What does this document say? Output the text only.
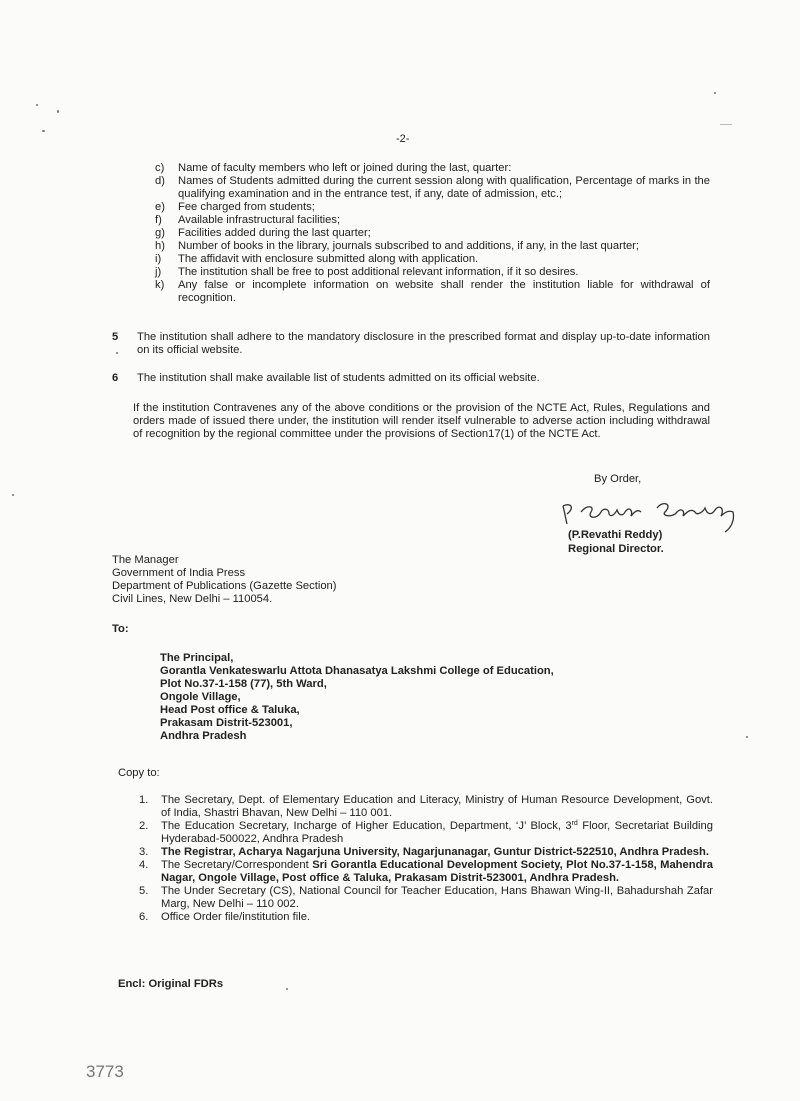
-2-

c) Name of faculty members who left or joined during the last, quarter:

d) Names of Students admitted during the current session along with qualification, Percentage of marks in the qualifying examination and in the entrance test, if any, date of admission, etc.;

e) Fee charged from students;

f) Available infrastructural facilities;

g) Facilities added during the last quarter;

h) Number of books in the library, journals subscribed to and additions, if any, in the last quarter;

i) The affidavit with enclosure submitted along with application.

j) The institution shall be free to post additional relevant information, if it so desires.

k) Any false or incomplete information on website shall render the institution liable for withdrawal of recognition.

5 The institution shall adhere to the mandatory disclosure in the prescribed format and display up-to-date information on its official website.
6 The institution shall make available list of students admitted on its official website.
If the institution Contravenes any of the above conditions or the provision of the NCTE Act, Rules, Regulations and orders made of issued there under, the institution will render itself vulnerable to adverse action including withdrawal of recognition by the regional committee under the provisions of Section17(1) of the NCTE Act.
By Order,
(P.Revathi Reddy)
Regional Director.
The Manager
Government of India Press
Department of Publications (Gazette Section)
Civil Lines, New Delhi – 110054.
To:
The Principal,
Gorantla Venkateswarlu Attota Dhanasatya Lakshmi College of Education,
Plot No.37-1-158 (77), 5th Ward,
Ongole Village,
Head Post office & Taluka,
Prakasam Distrit-523001,
Andhra Pradesh
Copy to:
1. The Secretary, Dept. of Elementary Education and Literacy, Ministry of Human Resource Development, Govt. of India, Shastri Bhavan, New Delhi – 110 001.
2. The Education Secretary, Incharge of Higher Education, Department, ‘J’ Block, 3rd Floor, Secretariat Building Hyderabad-500022, Andhra Pradesh
3. The Registrar, Acharya Nagarjuna University, Nagarjunanagar, Guntur District-522510, Andhra Pradesh.
4. The Secretary/Correspondent Sri Gorantla Educational Development Society, Plot No.37-1-158, Mahendra Nagar, Ongole Village, Post office & Taluka, Prakasam Distrit-523001, Andhra Pradesh.
5. The Under Secretary (CS), National Council for Teacher Education, Hans Bhawan Wing-II, Bahadurshah Zafar Marg, New Delhi – 110 002.
6. Office Order file/institution file.
Encl: Original FDRs
3773
